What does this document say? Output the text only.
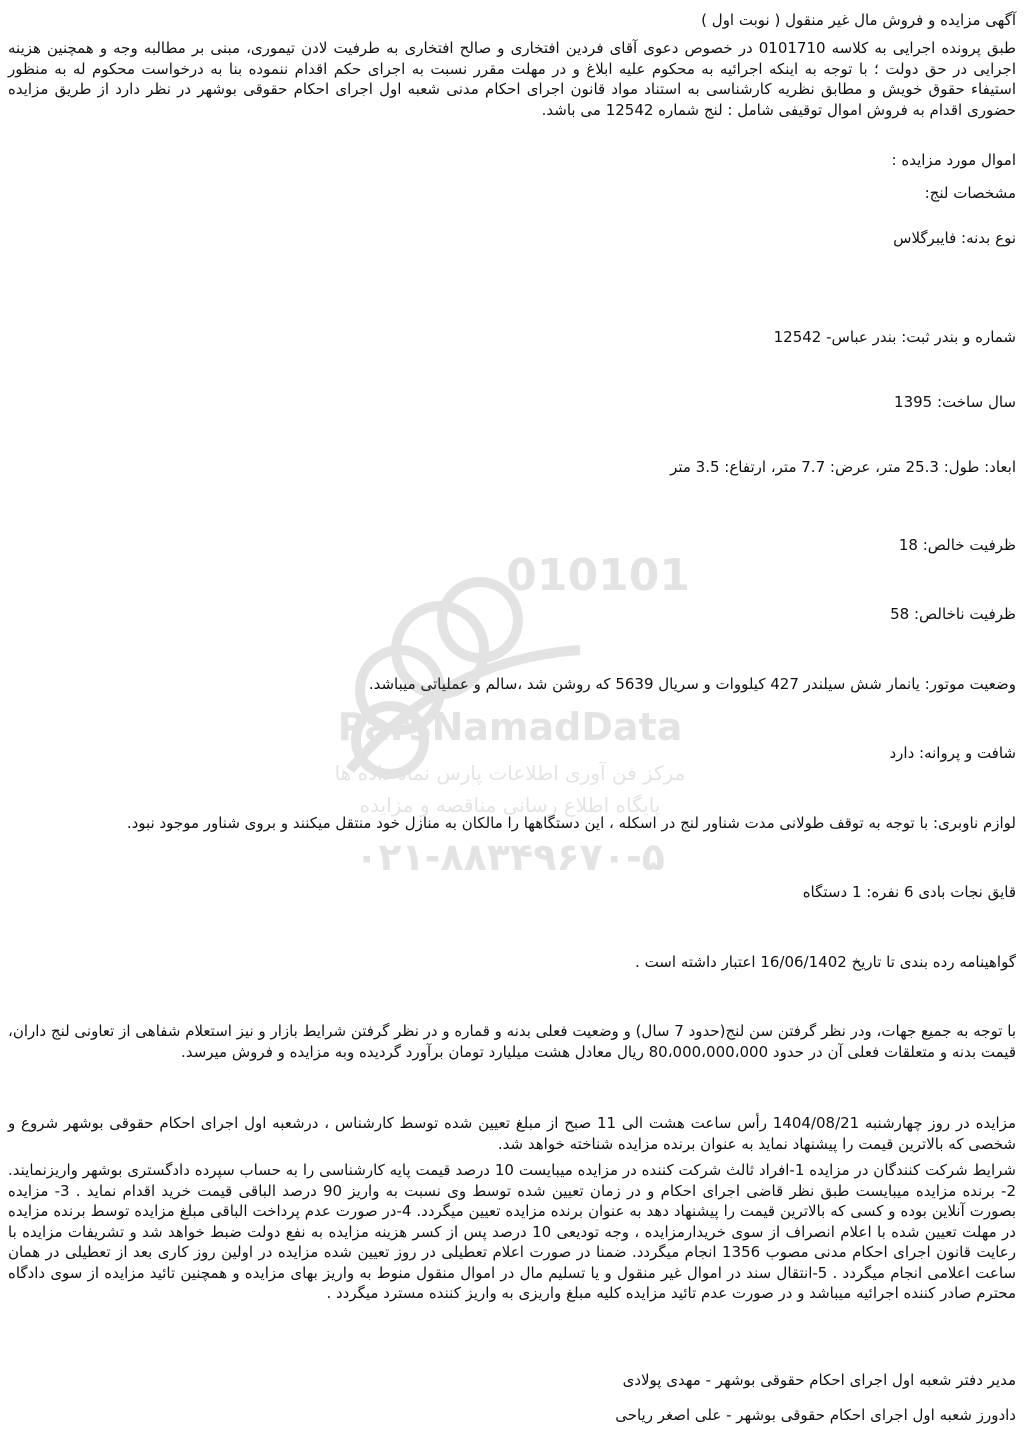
آگهی مزایده و فروش مال غیر منقول ( نوبت اول )
طبق پرونده اجرایی به کلاسه 0101710 در خصوص دعوی آقای فردین افتخاری و صالح افتخاری به طرفیت لادن تیموری، مبنی بر مطالبه وجه و همچنین هزینه اجرایی در حق دولت ؛ با توجه به اینکه اجرائیه به محکوم علیه ابلاغ و در مهلت مقرر نسبت به اجرای حکم اقدام ننموده بنا به درخواست محکوم له به منظور استیفاء حقوق خویش و مطابق نظریه کارشناسی به استناد مواد قانون اجرای احکام مدنی شعبه اول اجرای احکام حقوقی بوشهر در نظر دارد از طریق مزایده حضوری اقدام به فروش اموال توقیفی شامل : لنج شماره 12542 می باشد.
اموال مورد مزایده :
مشخصات لنج:
نوع بدنه: فایبرگلاس
شماره و بندر ثبت: بندر عباس- 12542
سال ساخت: 1395
ابعاد: طول: 25.3 متر، عرض: 7.7 متر، ارتفاع: 3.5 متر
ظرفیت خالص: 18
ظرفیت ناخالص: 58
وضعیت موتور: یانمار شش سیلندر 427 کیلووات و سریال 5639 که روشن شد ،سالم و عملیاتی میباشد.
شافت و پروانه: دارد
لوازم ناوبری: با توجه به توقف طولانی مدت شناور لنج در اسکله ، این دستگاهها را مالکان به منازل خود منتقل میکنند و بروی شناور موجود نبود.
قایق نجات بادی 6 نفره: 1 دستگاه
گواهینامه رده بندی تا تاریخ 16/06/1402 اعتبار داشته است .
با توجه به جمیع جهات، ودر نظر گرفتن سن لنج(حدود 7 سال) و وضعیت فعلی بدنه و قماره و در نظر گرفتن شرایط بازار و نیز استعلام شفاهی از تعاونی لنج داران، قیمت بدنه و متعلقات فعلی آن در حدود 80،000،000،000 ریال معادل هشت میلیارد تومان برآورد گردیده وبه مزایده و فروش میرسد.
مزایده در روز چهارشنبه 1404/08/21 رأس ساعت هشت الی 11 صبح از مبلغ تعیین شده توسط کارشناس ، درشعبه اول اجرای احکام حقوقی بوشهر شروع و شخصی که بالاترین قیمت را پیشنهاد نماید به عنوان برنده مزایده شناخته خواهد شد.
شرایط شرکت کنندگان در مزایده 1-افراد ثالث شرکت کننده در مزایده میبایست 10 درصد قیمت پایه کارشناسی را به حساب سپرده دادگستری بوشهر واریزنمایند. 2- برنده مزایده میبایست طبق نظر قاضی اجرای احکام و در زمان تعیین شده توسط وی نسبت به واریز 90 درصد الباقی قیمت خرید اقدام نماید . 3- مزایده بصورت آنلاین بوده و کسی که بالاترین قیمت را پیشنهاد دهد به عنوان برنده مزایده تعیین میگردد. 4-در صورت عدم پرداخت الباقی مبلغ مزایده توسط برنده مزایده در مهلت تعیین شده با اعلام انصراف از سوی خریدارمزایده ، وجه تودیعی 10 درصد پس از کسر هزینه مزایده به نفع دولت ضبط خواهد شد و تشریفات مزایده با رعایت قانون اجرای احکام مدنی مصوب 1356 انجام میگردد. ضمنا در صورت اعلام تعطیلی در روز تعیین شده مزایده در اولین روز کاری بعد از تعطیلی در همان ساعت اعلامی انجام میگردد . 5-انتقال سند در اموال غیر منقول و یا تسلیم مال در اموال منقول منوط به واریز بهای مزایده و همچنین تائید مزایده از سوی دادگاه محترم صادر کننده اجرائیه میباشد و در صورت عدم تائید مزایده کلیه مبلغ واریزی به واریز کننده مسترد میگردد .
مدیر دفتر شعبه اول اجرای احکام حقوقی بوشهر - مهدی پولادی
دادورز شعبه اول اجرای احکام حقوقی بوشهر - علی اصغر ریاحی
010101
ParsNamadData
مرکز فن آوری اطلاعات پارس نماد داده ها
پایگاه اطلاع رسانی مناقصه و مزایده
۰۲۱-۸۸۳۴۹۶۷۰-۵
